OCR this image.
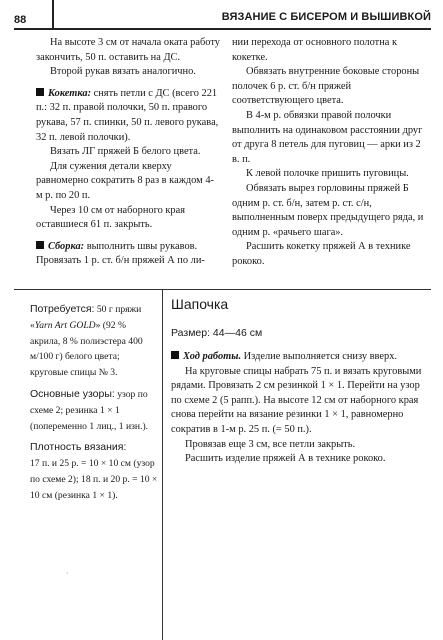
88	ВЯЗАНИЕ С БИСЕРОМ И ВЫШИВКОЙ

На высоте 3 см от начала оката работу закончить, 50 п. оставить на ДС.

Второй рукав вязать аналогично.

Кокетка: снять петли с ДС (всего 221 п.: 32 п. правой полочки, 50 п. правого рукава, 57 п. спинки, 50 п. левого рукава, 32 п. левой полочки).

Вязать ЛГ пряжей Б белого цвета.

Для сужения детали кверху равномерно сократить 8 раз в каждом 4-м р. по 20 п.

Через 10 см от наборного края оставшиеся 61 п. закрыть.

Сборка: выполнить швы рукавов. Провязать 1 р. ст. б/н пряжей А по ли-

нии перехода от основного полотна к кокетке.

Обвязать внутренние боковые стороны полочек 6 р. ст. б/н пряжей соответствующего цвета.

В 4-м р. обвязки правой полочки выполнить на одинаковом расстоянии друг от друга 8 петель для пуговиц — арки из 2 в. п.

К левой полочке пришить пуговицы.

Обвязать вырез горловины пряжей Б одним р. ст. б/н, затем р. ст. с/н, выполненным поверх предыдущего ряда, и одним р. «рачьего шага».

Расшить кокетку пряжей А в технике рококо.

Потребуется: 50 г пряжи «Yarn Art GOLD» (92 % акрила, 8 % полиэстера 400 м/100 г) белого цвета; круговые спицы № 3.

Основные узоры: узор по схеме 2; резинка 1 × 1 (попеременно 1 лиц., 1 изн.).

Плотность вязания:

17 п. и 25 р. = 10 × 10 см (узор по схеме 2); 18 п. и 20 р. = 10 × 10 см (резинка 1 × 1).

Шапочка
Размер: 44—46 см

Ход работы. Изделие выполняется снизу вверх.

На круговые спицы набрать 75 п. и вязать круговыми рядами. Провязать 2 см резинкой 1 × 1. Перейти на узор по схеме 2 (5 рапп.). На высоте 12 см от наборного края снова перейти на вязание резинки 1 × 1, равномерно сократив в 1-м р. 25 п. (= 50 п.).

Провязав еще 3 см, все петли закрыть.

Расшить изделие пряжей А в технике рококо.

·
